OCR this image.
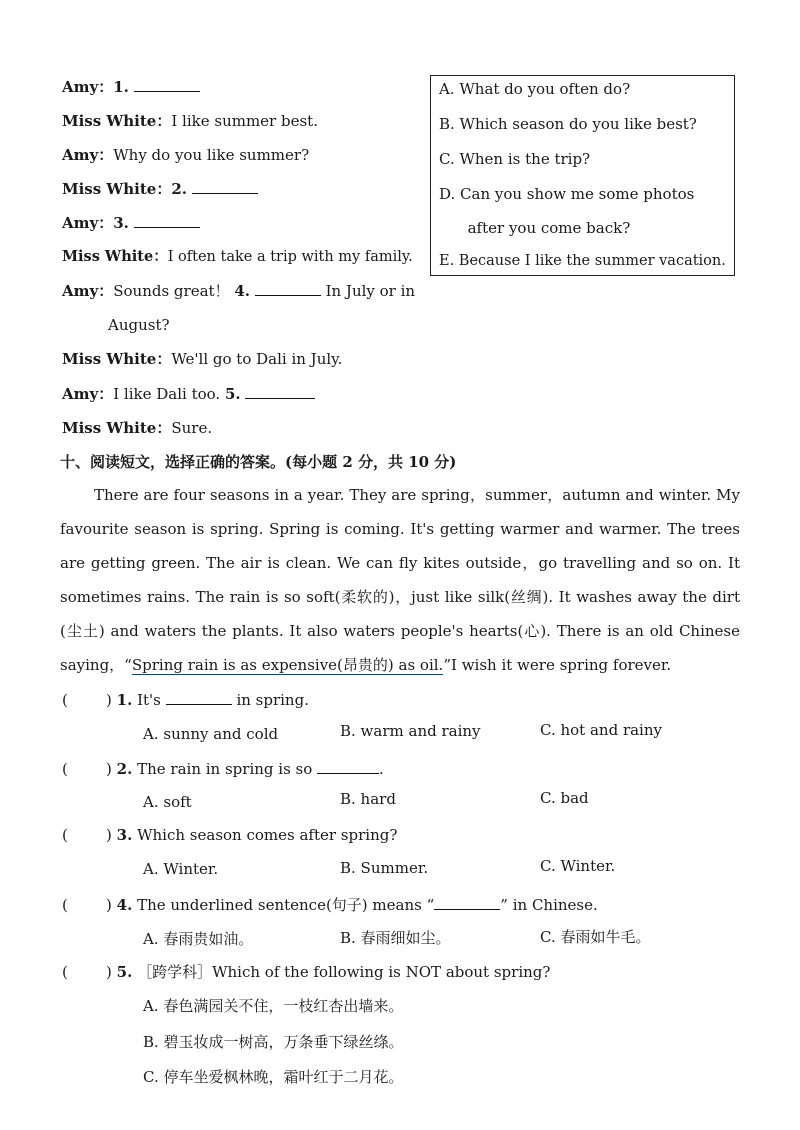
Amy：1.
Miss White：I like summer best.
Amy：Why do you like summer?
Miss White：2.
Amy：3.
Miss White：I often take a trip with my family.
Amy：Sounds great！ 4.	In July or in
August?
Miss White：We'll go to Dali in July.
Amy：I like Dali too. 5.
Miss White：Sure.
A. What do you often do?
B. Which season do you like best?
C. When is the trip?
D. Can you show me some photos
after you come back?
E. Because I like the summer vacation.
十、阅读短文，选择正确的答案。(每小题 2 分，共 10 分)
There are four seasons in a year. They are spring，summer，autumn and winter. My favourite season is spring. Spring is coming. It's getting warmer and warmer. The trees are getting green. The air is clean. We can fly kites outside，go travelling and so on. It sometimes rains. The rain is so soft(柔软的)，just like silk(丝绸). It washes away the dirt (尘土) and waters the plants. It also waters people's hearts(心). There is an old Chinese saying，“Spring rain is as expensive(昂贵的) as oil.”I wish it were spring forever.
(        ) 1. It's	in spring.
A. sunny and cold	B. warm and rainy	C. hot and rainy
(        ) 2. The rain in spring is so	.
A. soft	B. hard	C. bad
(        ) 3. Which season comes after spring?
A. Winter.	B. Summer.	C. Winter.
(        ) 4. The underlined sentence(句子) means “	” in Chinese.
A. 春雨贵如油。	B. 春雨细如尘。	C. 春雨如牛毛。
(        ) 5. ［跨学科］Which of the following is NOT about spring?
A. 春色满园关不住，一枝红杏出墙来。
B. 碧玉妆成一树高，万条垂下绿丝绦。
C. 停车坐爱枫林晚，霜叶红于二月花。
